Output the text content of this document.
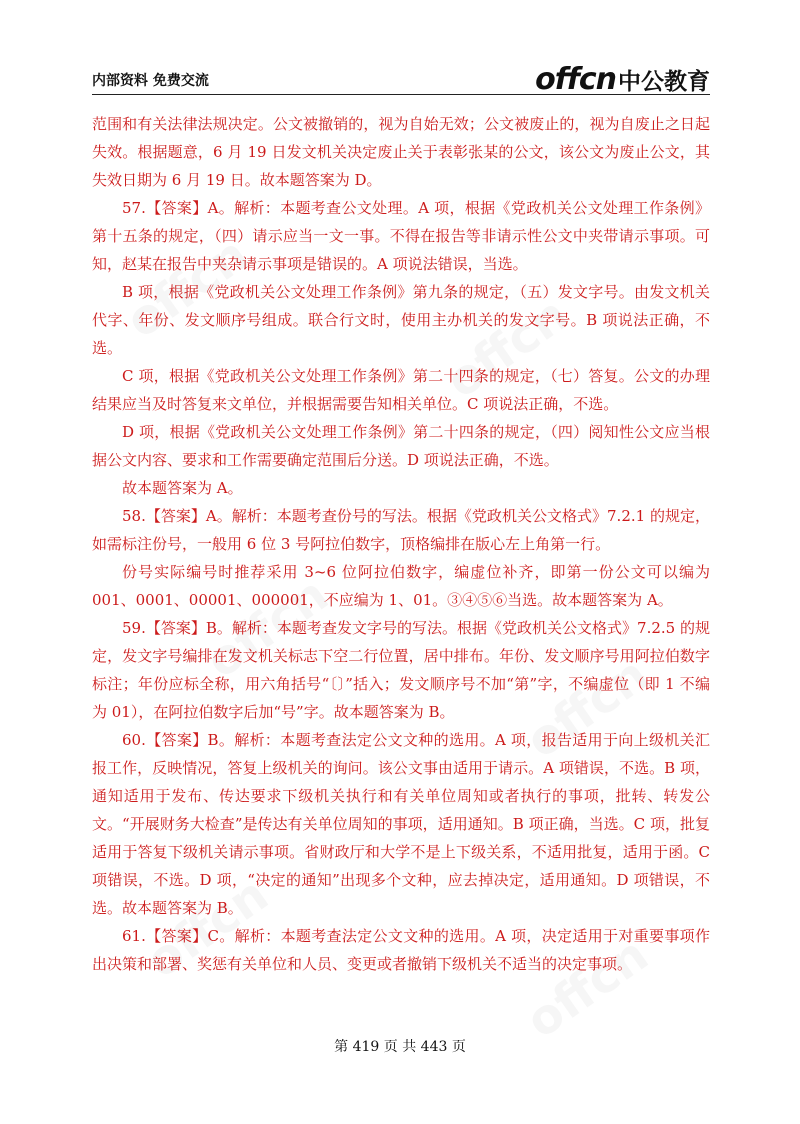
内部资料 免费交流	offcn 中公教育

范围和有关法律法规决定。公文被撤销的，视为自始无效；公文被废止的，视为自废止之日起失效。根据题意，6 月 19 日发文机关决定废止关于表彰张某的公文，该公文为废止公文，其失效日期为 6 月 19 日。故本题答案为 D。

57.【答案】A。解析：本题考查公文处理。A 项，根据《党政机关公文处理工作条例》第十五条的规定，（四）请示应当一文一事。不得在报告等非请示性公文中夹带请示事项。可知，赵某在报告中夹杂请示事项是错误的。A 项说法错误，当选。

B 项，根据《党政机关公文处理工作条例》第九条的规定，（五）发文字号。由发文机关代字、年份、发文顺序号组成。联合行文时，使用主办机关的发文字号。B 项说法正确，不选。

C 项，根据《党政机关公文处理工作条例》第二十四条的规定，（七）答复。公文的办理结果应当及时答复来文单位，并根据需要告知相关单位。C 项说法正确，不选。

D 项，根据《党政机关公文处理工作条例》第二十四条的规定，（四）阅知性公文应当根据公文内容、要求和工作需要确定范围后分送。D 项说法正确，不选。

故本题答案为 A。

58.【答案】A。解析：本题考查份号的写法。根据《党政机关公文格式》7.2.1 的规定，如需标注份号，一般用 6 位 3 号阿拉伯数字，顶格编排在版心左上角第一行。

份号实际编号时推荐采用 3~6 位阿拉伯数字，编虚位补齐，即第一份公文可以编为 001、0001、00001、000001，不应编为 1、01。③④⑤⑥当选。故本题答案为 A。

59.【答案】B。解析：本题考查发文字号的写法。根据《党政机关公文格式》7.2.5 的规定，发文字号编排在发文机关标志下空二行位置，居中排布。年份、发文顺序号用阿拉伯数字标注；年份应标全称，用六角括号“〔〕”括入；发文顺序号不加“第”字，不编虚位（即 1 不编为 01），在阿拉伯数字后加“号”字。故本题答案为 B。

60.【答案】B。解析：本题考查法定公文文种的选用。A 项，报告适用于向上级机关汇报工作，反映情况，答复上级机关的询问。该公文事由适用于请示。A 项错误，不选。B 项，通知适用于发布、传达要求下级机关执行和有关单位周知或者执行的事项，批转、转发公文。“开展财务大检查”是传达有关单位周知的事项，适用通知。B 项正确，当选。C 项，批复适用于答复下级机关请示事项。省财政厅和大学不是上下级关系，不适用批复，适用于函。C 项错误，不选。D 项，“决定的通知”出现多个文种，应去掉决定，适用通知。D 项错误，不选。故本题答案为 B。

61.【答案】C。解析：本题考查法定公文文种的选用。A 项，决定适用于对重要事项作出决策和部署、奖惩有关单位和人员、变更或者撤销下级机关不适当的决定事项。

第 419 页 共 443 页
